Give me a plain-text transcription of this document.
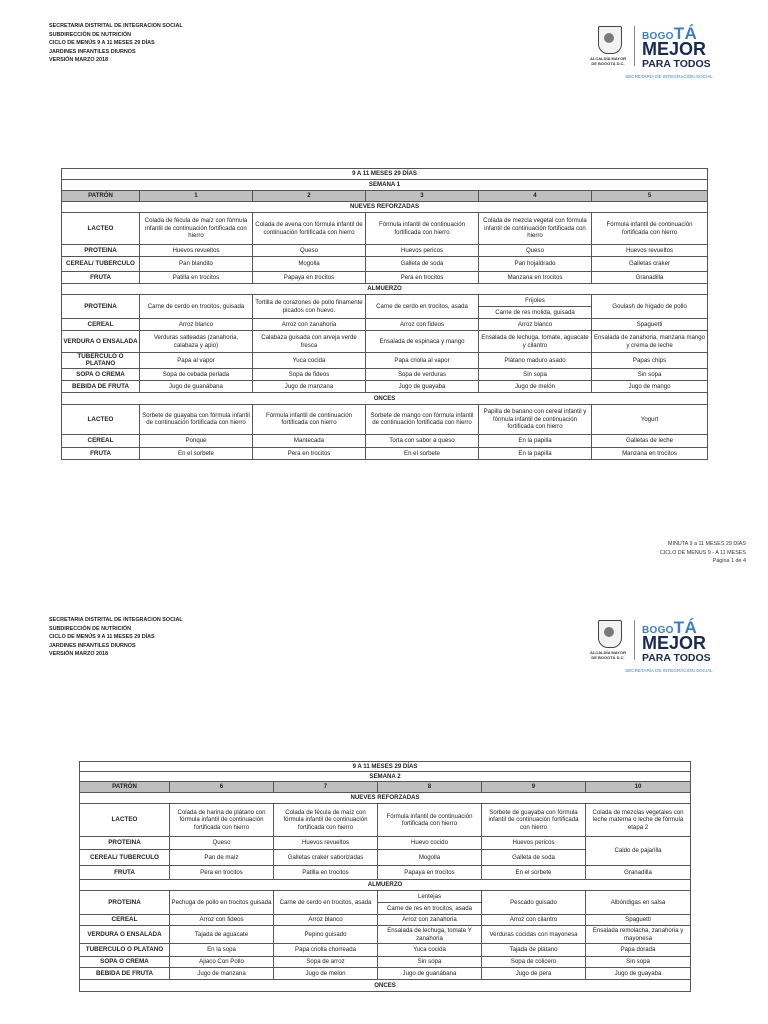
SECRETARIA DISTRITAL DE INTEGRACION SOCIAL
SUBDIRECCIÓN DE NUTRICIÓN
CICLO DE MENÚS 9 A 11 MESES 29 DÍAS
JARDINES INFANTILES DIURNOS
VERSIÓN MARZO 2018	ALCALDÍA MAYOR
DE BOGOTÁ D.C.
BOGOTÁ
MEJOR
PARA TODOS
SECRETARÍA DE INTEGRACIÓN SOCIAL
9 A 11 MESES 29 DÍAS					
SEMANA 1					
PATRÓN	1	2	3	4	5
NUEVES REFORZADAS					
LACTEO	Colada de fécula de maíz con fórmula infantil de continuación fortificada con hierro	Colada de avena con fórmula infantil de continuación fortificada con hierro	Fórmula infantil de continuación fortificada con hierro	Colada de mezcla vegetal con fórmula infantil de continuación fortificada con hierro	Fórmula infantil de continuación fortificada con hierro
PROTEINA	Huevos revueltos	Queso	Huevos pericos	Queso	Huevos revueltos
CEREAL/ TUBERCULO	Pan blandito	Mogolla	Galleta de soda	Pan hojaldrado	Galletas craker
FRUTA	Patilla en trocitos	Papaya en trocitos	Pera en trocitos	Manzana en trocitos	Granadilla
ALMUERZO					
PROTEINA	Carne de cerdo en trocitos, guisada	Tortilla de corazones de pollo finamente picados con huevo.	Carne de cerdo en trocitos, asada	Frijoles	Goulash de hígado de pollo
				Carne de res molida, guisada	
CEREAL	Arroz blanco	Arroz con zanahoria	Arroz con fideos	Arroz blanco	Spaguetti
VERDURA O ENSALADA	Verduras salteadas (zanahoria, calabaza y apio)	Calabaza guisada con arveja verde fresca	Ensalada de espinaca y mango	Ensalada de lechuga, tomate, aguacate y cilantro	Ensalada de zanahoria, manzana mango y crema de leche
TUBERCULO O PLATANO	Papa al vapor	Yuca cocida	Papa criolla al vapor	Plátano maduro asado	Papas chips
SOPA O CREMA	Sopa de cebada perlada	Sopa de fideos	Sopa de verduras	Sin sopa	Sin sopa
BEBIDA DE FRUTA	Jugo de guanábana	Jugo de manzana	Jugo de guayaba	Jugo de melón	Jugo de mango
ONCES					
LACTEO	Sorbete de guayaba con fórmula infantil de continuación fortificada con hierro	Fórmula infantil de continuación fortificada con hierro	Sorbete de mango con fórmula infantil de continuación fortificada con hierro	Papilla de banano con cereal infantil y fórmula infantil de continuación fortificada con hierro	Yogurt
CEREAL	Ponque	Mantecada	Torta con sabor a queso	En la papilla	Galletas de leche
FRUTA	En el sorbete	Pera en trocitos	En el sorbete	En la papilla	Manzana en trocitos
MINUTA 9 a 11 MESES 29 DÍAS
CICLO DE MENUS 9 - A 11 MESES
Página 1 de 4
SECRETARIA DISTRITAL DE INTEGRACION SOCIAL
SUBDIRECCIÓN DE NUTRICIÓN
CICLO DE MENÚS 9 A 11 MESES 29 DÍAS
JARDINES INFANTILES DIURNOS
VERSIÓN MARZO 2018	ALCALDÍA MAYOR
DE BOGOTÁ D.C.
BOGOTÁ
MEJOR
PARA TODOS
SECRETARÍA DE INTEGRACIÓN SOCIAL
9 A 11 MESES 29 DÍAS					
SEMANA 2					
PATRÓN	6	7	8	9	10
NUEVES REFORZADAS					
LACTEO	Colada de harina de plátano con fórmula infantil de continuación fortificada con hierro	Colada de fécula de maíz con fórmula infantil de continuación fortificada con hierro	Fórmula infantil de continuación fortificada con hierro	Sorbete de guayaba con fórmula infantil de continuación fortificada con hierro	Colada de mezclas vegetales con leche materna o leche de fórmula etapa 2
PROTEINA	Queso	Huevos revueltos	Huevo cocido	Huevos pericos	Caldo de pajarilla
CEREAL/ TUBERCULO	Pan de maíz	Galletas craker saborizadas	Mogolla	Galleta de soda	
FRUTA	Pera en trocitos	Patilla en trocitos	Papaya en trocitos	En el sorbete	Granadilla
ALMUERZO					
PROTEINA	Pechuga de pollo en trocitos guisada	Carne de cerdo en trocitos, asada	Lentejas	Pescado guisado	Albóndigas en salsa
			Carne de res en trocitos, asada		
CEREAL	Arroz con fideos	Arroz blanco	Arroz con zanahoria	Arroz con cilantro	Spaguetti
VERDURA O ENSALADA	Tajada de aguacate	Pepino guisado	Ensalada de lechuga, tomate Y zanahoria	Verduras cocidas con mayonesa	Ensalada remolacha, zanahoria y mayonesa
TUBERCULO O PLATANO	En la sopa	Papa criolla chorreada	Yuca cocida	Tajada de plátano	Papa dorada
SOPA O CREMA	Ajiaco Con Pollo	Sopa de arroz	Sin sopa	Sopa de colicero	Sin sopa
BEBIDA DE FRUTA	Jugo de manzana	Jugo de melon	Jugo de guanábana	Jugo de pera	Jugo de guayaba
ONCES					
